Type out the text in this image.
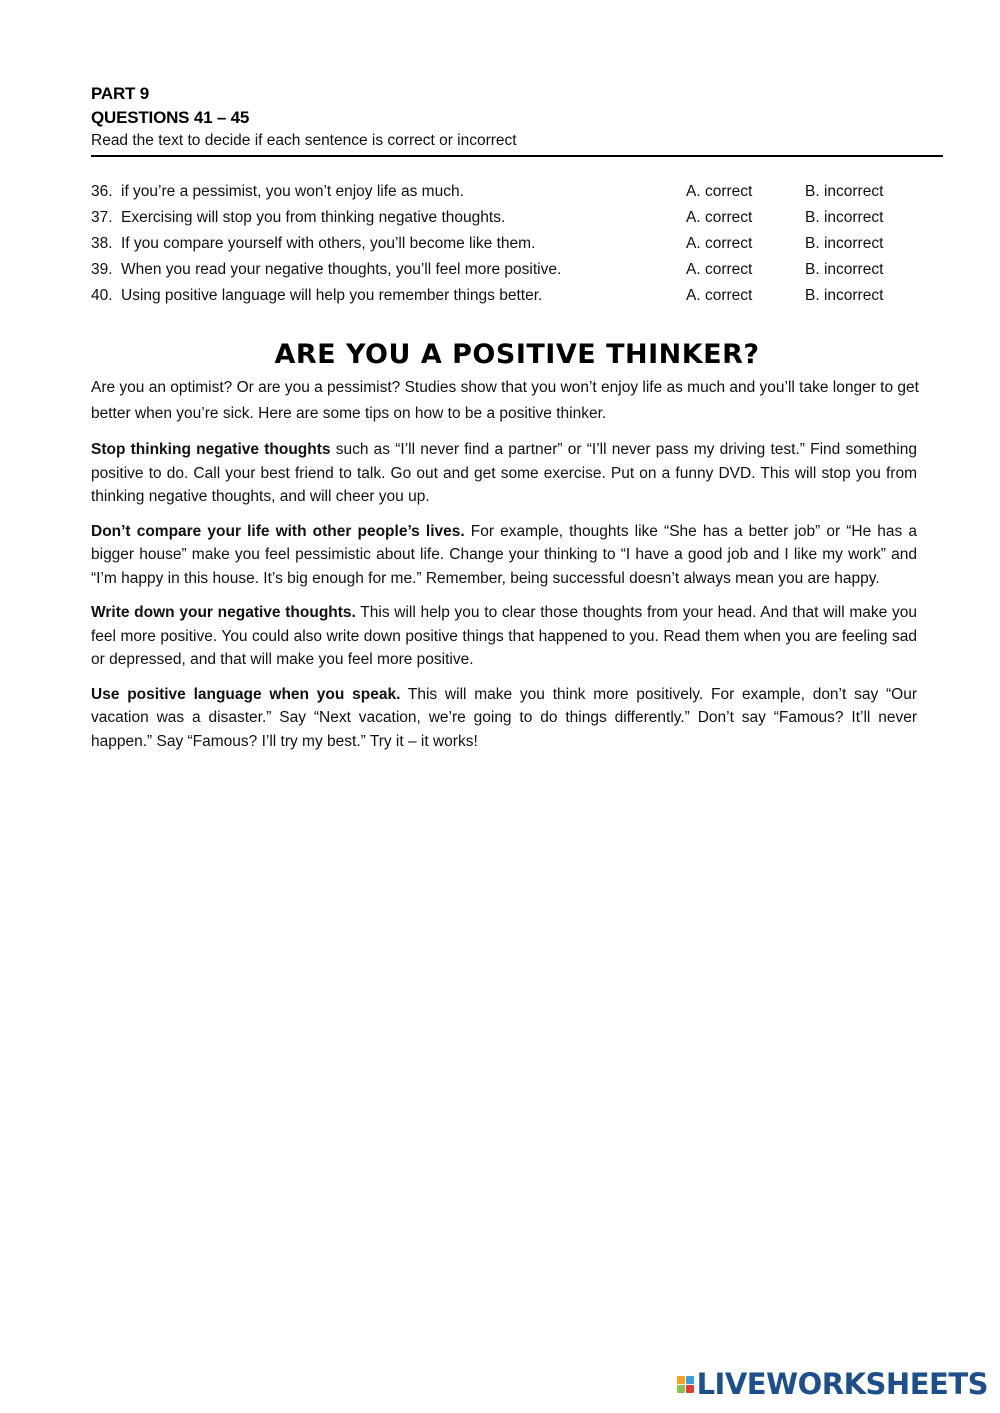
PART 9
QUESTIONS 41 – 45
Read the text to decide if each sentence is correct or incorrect
36. if you’re a pessimist, you won’t enjoy life as much.	A. correct	B. incorrect
37. Exercising will stop you from thinking negative thoughts.	A. correct	B. incorrect
38. If you compare yourself with others, you’ll become like them.	A. correct	B. incorrect
39. When you read your negative thoughts, you’ll feel more positive.	A. correct	B. incorrect
40. Using positive language will help you remember things better.	A. correct	B. incorrect
ARE YOU A POSITIVE THINKER?
Are you an optimist? Or are you a pessimist? Studies show that you won’t enjoy life as much and you’ll take longer to get better when you’re sick. Here are some tips on how to be a positive thinker.
Stop thinking negative thoughts such as “I’ll never find a partner” or “I’ll never pass my driving test.” Find something positive to do. Call your best friend to talk. Go out and get some exercise. Put on a funny DVD. This will stop you from thinking negative thoughts, and will cheer you up.
Don’t compare your life with other people’s lives. For example, thoughts like “She has a better job” or “He has a bigger house” make you feel pessimistic about life. Change your thinking to “I have a good job and I like my work” and “I’m happy in this house. It’s big enough for me.” Remember, being successful doesn’t always mean you are happy.
Write down your negative thoughts. This will help you to clear those thoughts from your head. And that will make you feel more positive. You could also write down positive things that happened to you. Read them when you are feeling sad or depressed, and that will make you feel more positive.
Use positive language when you speak. This will make you think more positively. For example, don’t say “Our vacation was a disaster.” Say “Next vacation, we’re going to do things differently.” Don’t say “Famous? It’ll never happen.” Say “Famous? I’ll try my best.” Try it – it works!
LIVEWORKSHEETS
